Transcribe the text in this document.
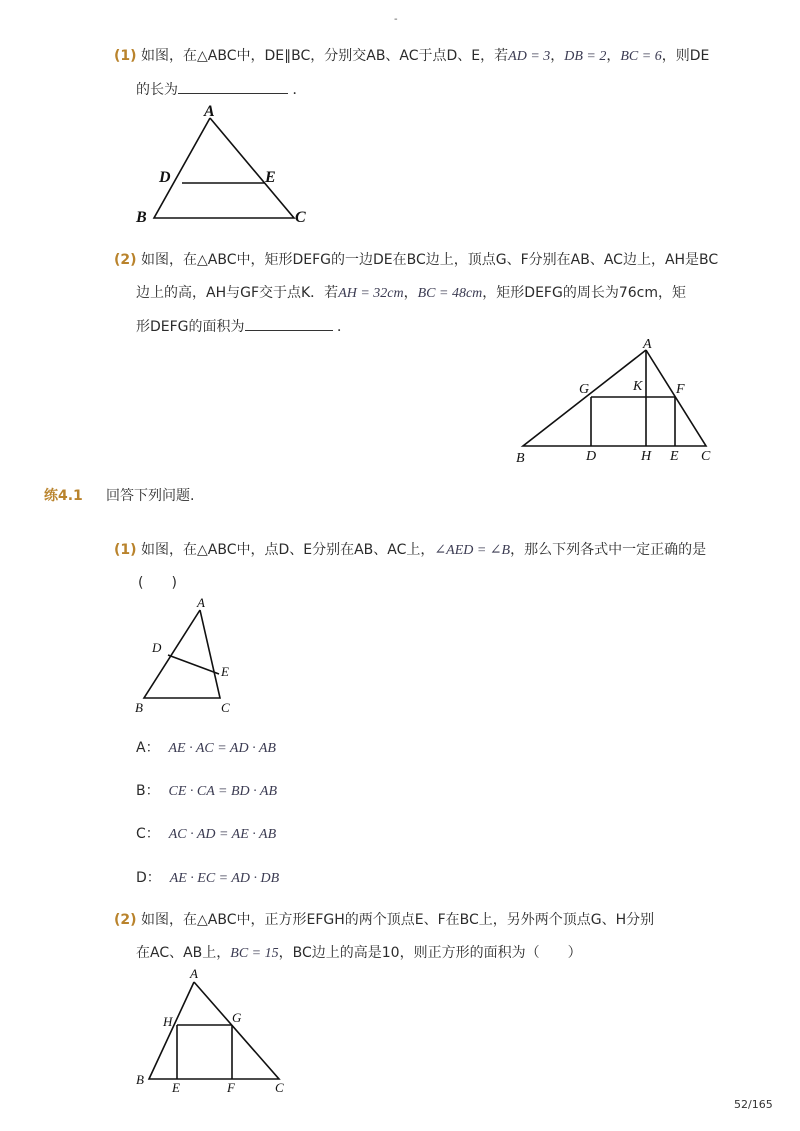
-
(1) 如图，在△ABC中，DE∥BC，分别交AB、AC于点D、E，若AD = 3，DB = 2，BC = 6，则DE
的长为	．
A
D	E
B	C
(2) 如图，在△ABC中，矩形DEFG的一边DE在BC边上，顶点G、F分别在AB、AC边上，AH是BC
边上的高，AH与GF交于点K．若AH = 32cm，BC = 48cm，矩形DEFG的周长为76cm，矩
形DEFG的面积为	．
A
G	K F
B	D	H E C
练4.1 回答下列问题.
(1) 如图，在△ABC中，点D、E分别在AB、AC上，∠AED = ∠B，那么下列各式中一定正确的是
(　　)
A
D
E
B	C
A： AE · AC = AD · AB
B： CE · CA = BD · AB
C： AC · AD = AE · AB
D： AE · EC = AD · DB
(2) 如图，在△ABC中，正方形EFGH的两个顶点E、F在BC上，另外两个顶点G、H分别
在AC、AB上，BC = 15，BC边上的高是10，则正方形的面积为（　　）
A
H	G
B
E	F	C
52/165
